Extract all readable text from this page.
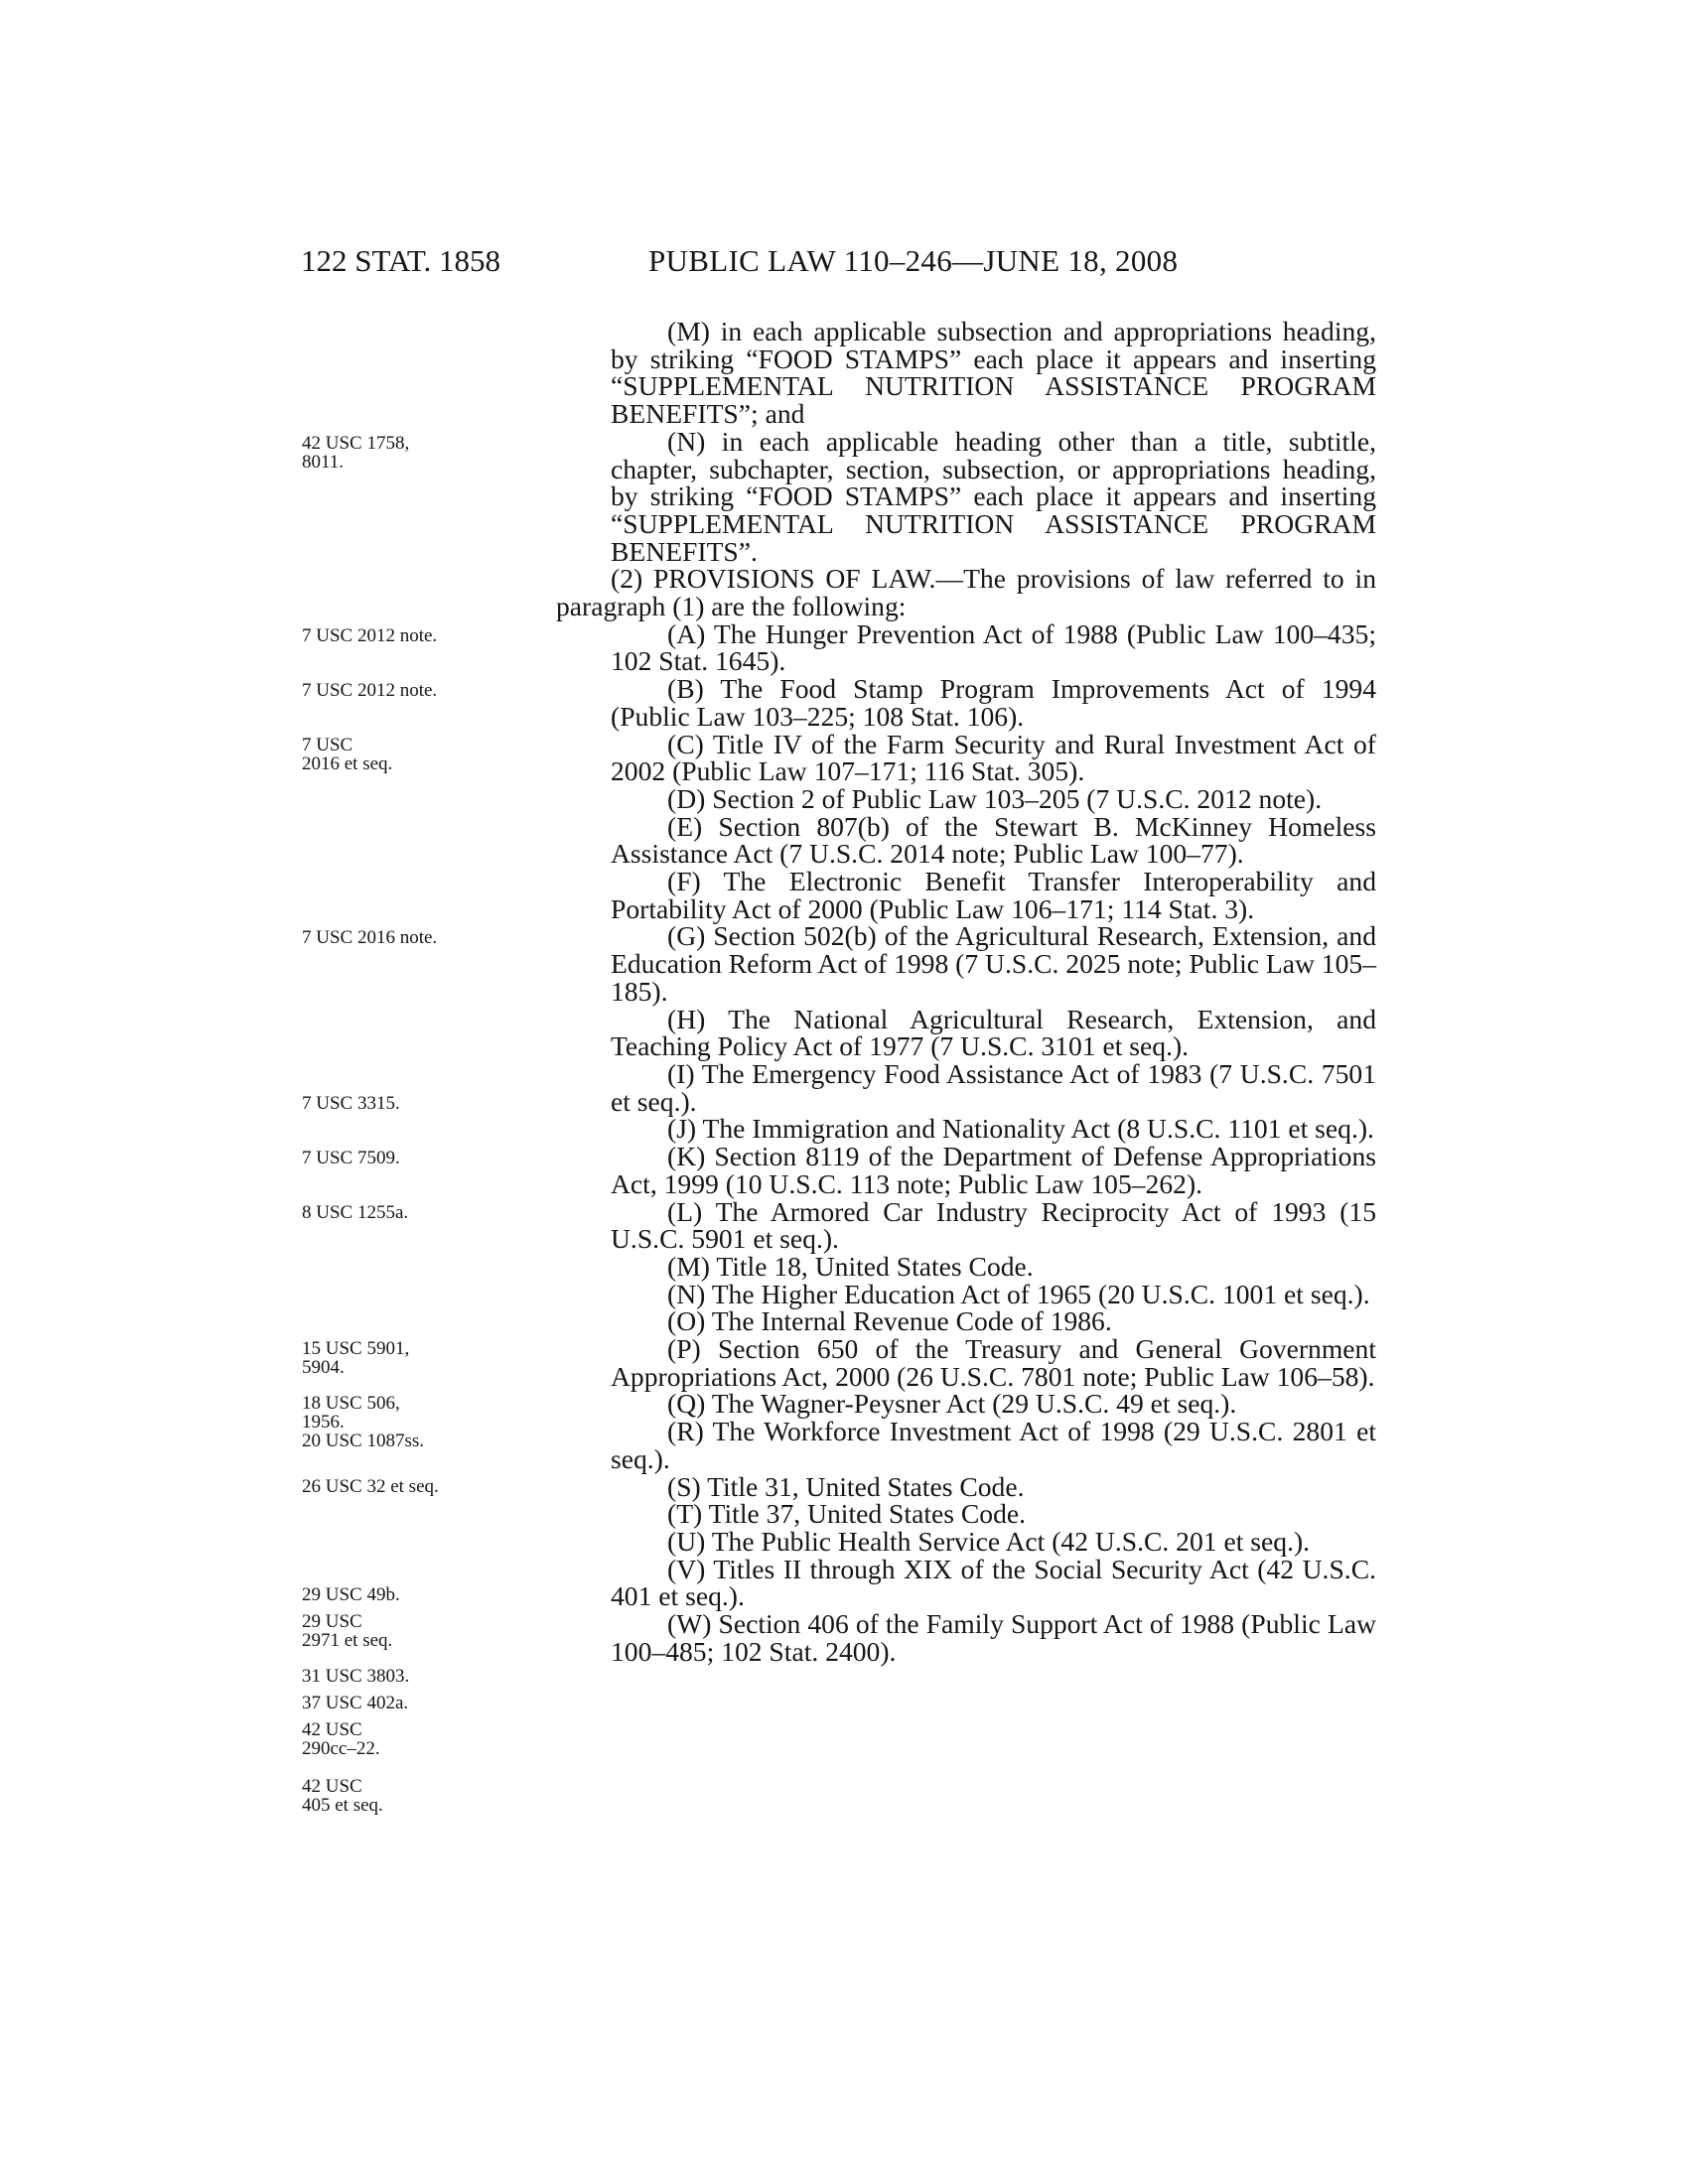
122 STAT. 1858	PUBLIC LAW 110–246—JUNE 18, 2008
42 USC 1758,
8011.
7 USC 2012 note.
7 USC 2012 note.
7 USC
2016 et seq.
7 USC 2016 note.
7 USC 3315.
7 USC 7509.
8 USC 1255a.
15 USC 5901,
5904.
18 USC 506,
1956.
20 USC 1087ss.
26 USC 32 et seq.
29 USC 49b.
29 USC
2971 et seq.
31 USC 3803.
37 USC 402a.
42 USC
290cc–22.
42 USC
405 et seq.

(M) in each applicable subsection and appropriations heading, by striking “FOOD STAMPS” each place it appears and inserting “SUPPLEMENTAL NUTRITION ASSISTANCE PROGRAM BENEFITS”; and

(N) in each applicable heading other than a title, subtitle, chapter, subchapter, section, subsection, or appropriations heading, by striking “FOOD STAMPS” each place it appears and inserting “SUPPLEMENTAL NUTRITION ASSISTANCE PROGRAM BENEFITS”.

(2) PROVISIONS OF LAW.—The provisions of law referred to in paragraph (1) are the following:

(A) The Hunger Prevention Act of 1988 (Public Law 100–435; 102 Stat. 1645).

(B) The Food Stamp Program Improvements Act of 1994 (Public Law 103–225; 108 Stat. 106).

(C) Title IV of the Farm Security and Rural Investment Act of 2002 (Public Law 107–171; 116 Stat. 305).

(D) Section 2 of Public Law 103–205 (7 U.S.C. 2012 note).

(E) Section 807(b) of the Stewart B. McKinney Homeless Assistance Act (7 U.S.C. 2014 note; Public Law 100–77).

(F) The Electronic Benefit Transfer Interoperability and Portability Act of 2000 (Public Law 106–171; 114 Stat. 3).

(G) Section 502(b) of the Agricultural Research, Extension, and Education Reform Act of 1998 (7 U.S.C. 2025 note; Public Law 105–185).

(H) The National Agricultural Research, Extension, and Teaching Policy Act of 1977 (7 U.S.C. 3101 et seq.).

(I) The Emergency Food Assistance Act of 1983 (7 U.S.C. 7501 et seq.).

(J) The Immigration and Nationality Act (8 U.S.C. 1101 et seq.).

(K) Section 8119 of the Department of Defense Appropriations Act, 1999 (10 U.S.C. 113 note; Public Law 105–262).

(L) The Armored Car Industry Reciprocity Act of 1993 (15 U.S.C. 5901 et seq.).

(M) Title 18, United States Code.

(N) The Higher Education Act of 1965 (20 U.S.C. 1001 et seq.).

(O) The Internal Revenue Code of 1986.

(P) Section 650 of the Treasury and General Government Appropriations Act, 2000 (26 U.S.C. 7801 note; Public Law 106–58).

(Q) The Wagner-Peysner Act (29 U.S.C. 49 et seq.).

(R) The Workforce Investment Act of 1998 (29 U.S.C. 2801 et seq.).

(S) Title 31, United States Code.

(T) Title 37, United States Code.

(U) The Public Health Service Act (42 U.S.C. 201 et seq.).

(V) Titles II through XIX of the Social Security Act (42 U.S.C. 401 et seq.).

(W) Section 406 of the Family Support Act of 1988 (Public Law 100–485; 102 Stat. 2400).
